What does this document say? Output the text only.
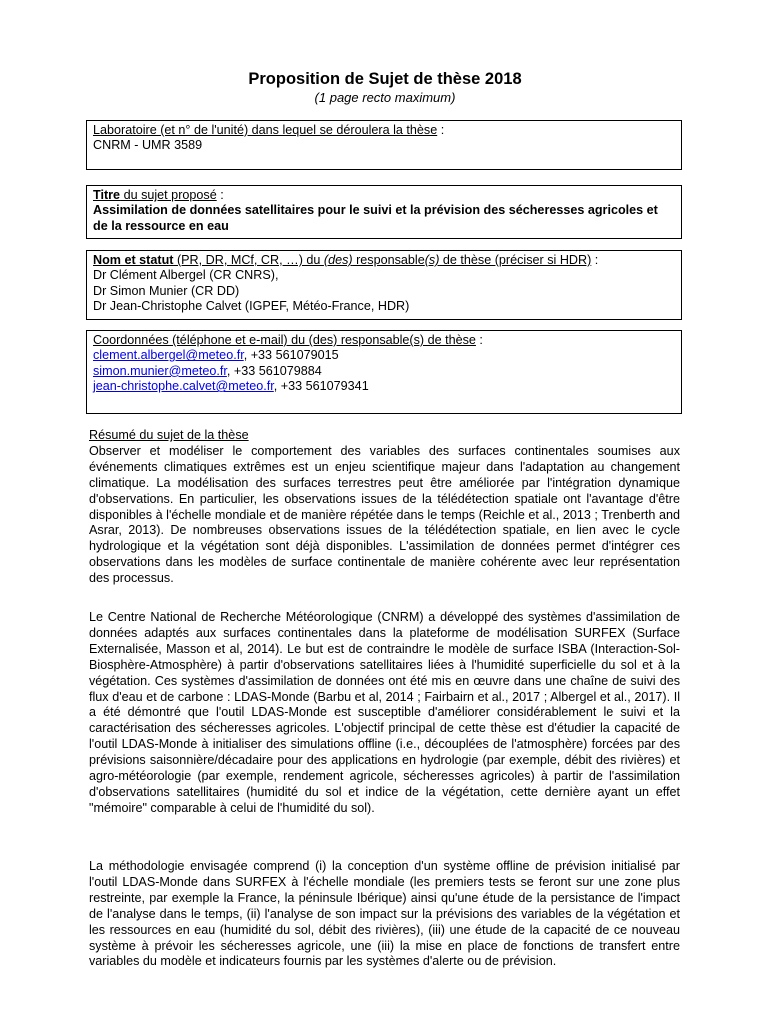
Proposition de Sujet de thèse 2018
(1 page recto maximum)
Laboratoire (et n° de l'unité) dans lequel se déroulera la thèse :
CNRM - UMR 3589
Titre du sujet proposé :
Assimilation de données satellitaires pour le suivi et la prévision des sécheresses agricoles et de la ressource en eau
Nom et statut (PR, DR, MCf, CR, …) du (des) responsable(s) de thèse (préciser si HDR) :
Dr Clément Albergel (CR CNRS),
Dr Simon Munier (CR DD)
Dr Jean-Christophe Calvet (IGPEF, Météo-France, HDR)
Coordonnées (téléphone et e-mail) du (des) responsable(s) de thèse :
clement.albergel@meteo.fr, +33 561079015
simon.munier@meteo.fr, +33 561079884
jean-christophe.calvet@meteo.fr, +33 561079341
Résumé du sujet de la thèse

Observer et modéliser le comportement des variables des surfaces continentales soumises aux événements climatiques extrêmes est un enjeu scientifique majeur dans l'adaptation au changement climatique. La modélisation des surfaces terrestres peut être améliorée par l'intégration dynamique d'observations. En particulier, les observations issues de la télédétection spatiale ont l'avantage d'être disponibles à l'échelle mondiale et de manière répétée dans le temps (Reichle et al., 2013 ; Trenberth and Asrar, 2013). De nombreuses observations issues de la télédétection spatiale, en lien avec le cycle hydrologique et la végétation sont déjà disponibles. L'assimilation de données permet d'intégrer ces observations dans les modèles de surface continentale de manière cohérente avec leur représentation des processus.

Le Centre National de Recherche Météorologique (CNRM) a développé des systèmes d'assimilation de données adaptés aux surfaces continentales dans la plateforme de modélisation SURFEX (Surface Externalisée, Masson et al, 2014). Le but est de contraindre le modèle de surface ISBA (Interaction-Sol-Biosphère-Atmosphère) à partir d'observations satellitaires liées à l'humidité superficielle du sol et à la végétation. Ces systèmes d'assimilation de données ont été mis en œuvre dans une chaîne de suivi des flux d'eau et de carbone : LDAS-Monde (Barbu et al, 2014 ; Fairbairn et al., 2017 ; Albergel et al., 2017). Il a été démontré que l'outil LDAS-Monde est susceptible d'améliorer considérablement le suivi et la caractérisation des sécheresses agricoles. L'objectif principal de cette thèse est d'étudier la capacité de l'outil LDAS-Monde à initialiser des simulations offline (i.e., découplées de l'atmosphère) forcées par des prévisions saisonnière/décadaire pour des applications en hydrologie (par exemple, débit des rivières) et agro-météorologie (par exemple, rendement agricole, sécheresses agricoles) à partir de l'assimilation d'observations satellitaires (humidité du sol et indice de la végétation, cette dernière ayant un effet "mémoire" comparable à celui de l'humidité du sol).

La méthodologie envisagée comprend (i) la conception d'un système offline de prévision initialisé par l'outil LDAS-Monde dans SURFEX à l'échelle mondiale (les premiers tests se feront sur une zone plus restreinte, par exemple la France, la péninsule Ibérique) ainsi qu'une étude de la persistance de l'impact de l'analyse dans le temps, (ii) l'analyse de son impact sur la prévisions des variables de la végétation et les ressources en eau (humidité du sol, débit des rivières), (iii) une étude de la capacité de ce nouveau système à prévoir les sécheresses agricole, une (iii) la mise en place de fonctions de transfert entre variables du modèle et indicateurs fournis par les systèmes d'alerte ou de prévision.
